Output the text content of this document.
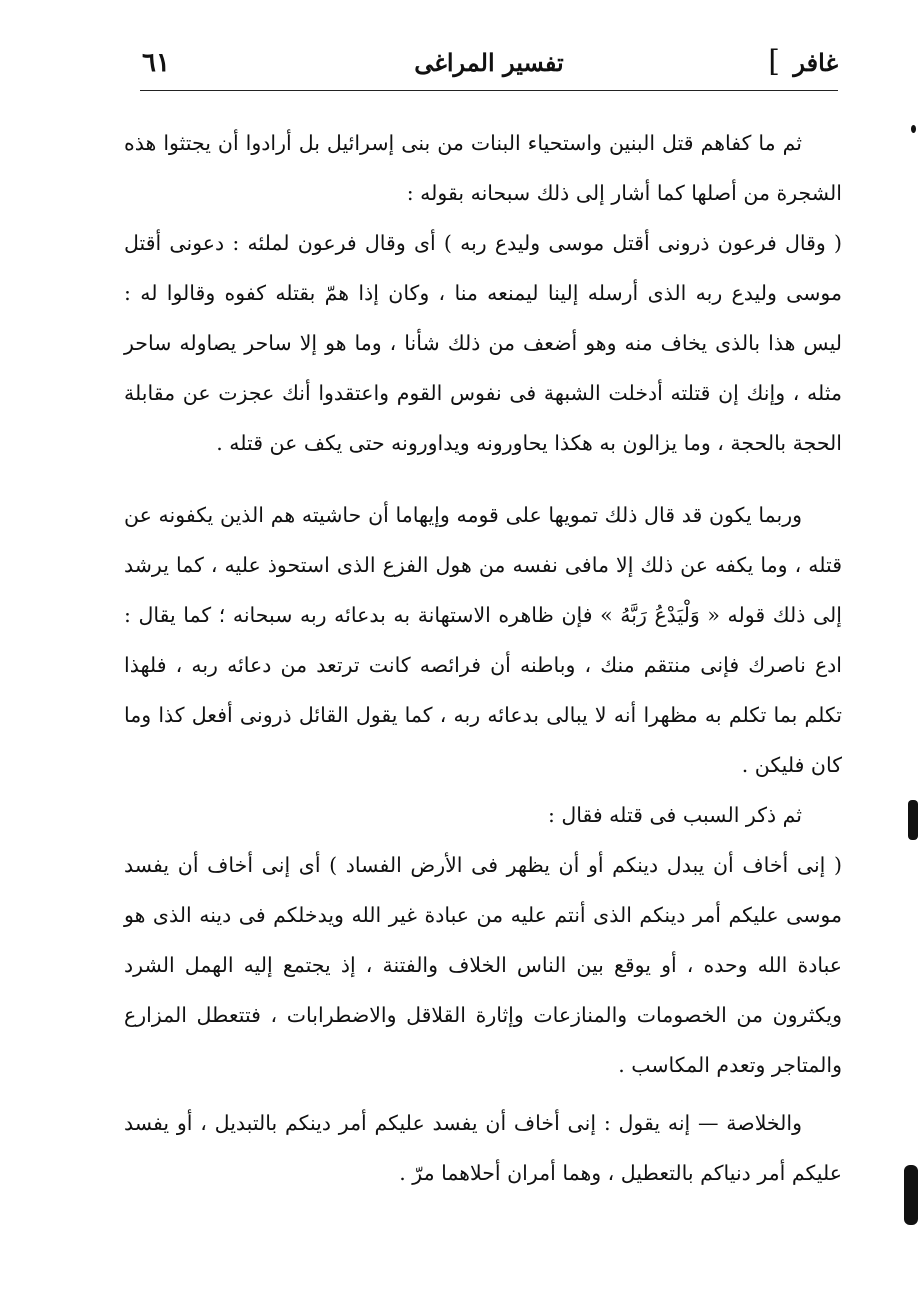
غافر
]
تفسير المراغى
٦١

ثم ما كفاهم قتل البنين واستحياء البنات من بنى إسرائيل بل أرادوا أن يجتثوا هذه الشجرة من أصلها كما أشار إلى ذلك سبحانه بقوله :

( وقال فرعون ذرونى أقتل موسى وليدع ربه ) أى وقال فرعون لملئه : دعونى أقتل موسى وليدع ربه الذى أرسله إلينا ليمنعه منا ، وكان إذا همّ بقتله كفوه وقالوا له : ليس هذا بالذى يخاف منه وهو أضعف من ذلك شأنا ، وما هو إلا ساحر يصاوله ساحر مثله ، وإنك إن قتلته أدخلت الشبهة فى نفوس القوم واعتقدوا أنك عجزت عن مقابلة الحجة بالحجة ، وما يزالون به هكذا يحاورونه ويداورونه حتى يكف عن قتله .

وربما يكون قد قال ذلك تمويها على قومه وإيهاما أن حاشيته هم الذين يكفونه عن قتله ، وما يكفه عن ذلك إلا مافى نفسه من هول الفزع الذى استحوذ عليه ، كما يرشد إلى ذلك قوله « وَلْيَدْعُ رَبَّهُ » فإن ظاهره الاستهانة به بدعائه ربه سبحانه ؛ كما يقال : ادع ناصرك فإنى منتقم منك ، وباطنه أن فرائصه كانت ترتعد من دعائه ربه ، فلهذا تكلم بما تكلم به مظهرا أنه لا يبالى بدعائه ربه ، كما يقول القائل ذرونى أفعل كذا وما كان فليكن .

ثم ذكر السبب فى قتله فقال :

( إنى أخاف أن يبدل دينكم أو أن يظهر فى الأرض الفساد ) أى إنى أخاف أن يفسد موسى عليكم أمر دينكم الذى أنتم عليه من عبادة غير الله ويدخلكم فى دينه الذى هو عبادة الله وحده ، أو يوقع بين الناس الخلاف والفتنة ، إذ يجتمع إليه الهمل الشرد ويكثرون من الخصومات والمنازعات وإثارة القلاقل والاضطرابات ، فتتعطل المزارع والمتاجر وتعدم المكاسب .

والخلاصة — إنه يقول : إنى أخاف أن يفسد عليكم أمر دينكم بالتبديل ، أو يفسد عليكم أمر دنياكم بالتعطيل ، وهما أمران أحلاهما مرّ .
